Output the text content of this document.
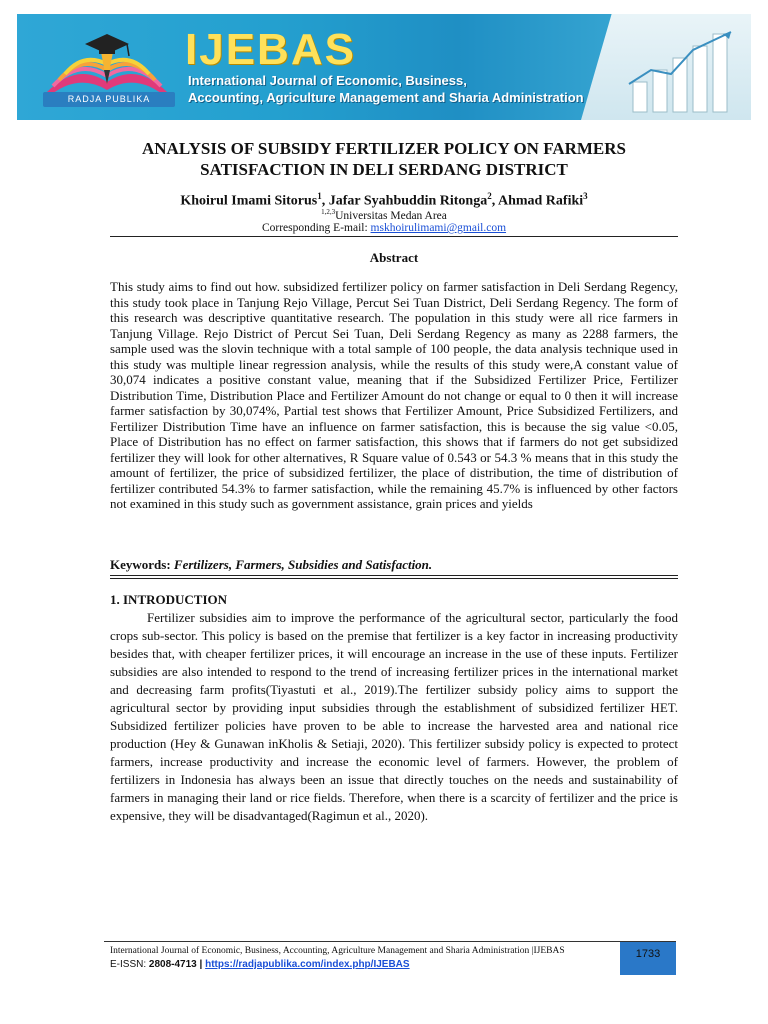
RADJA PUBLIKA
IJEBAS
International Journal of Economic, Business,
Accounting, Agriculture Management and Sharia Administration
ANALYSIS OF SUBSIDY FERTILIZER POLICY ON FARMERS
SATISFACTION IN DELI SERDANG DISTRICT
Khoirul Imami Sitorus$^1$, Jafar Syahbuddin Ritonga$^2$, Ahmad Rafiki$^3$
$^{1,2,3}$Universitas Medan Area
Corresponding E-mail: mskhoirulimami@gmail.com
Abstract
This study aims to find out how. subsidized fertilizer policy on farmer satisfaction in Deli Serdang Regency, this study took place in Tanjung Rejo Village, Percut Sei Tuan District, Deli Serdang Regency. The form of this research was descriptive quantitative research. The population in this study were all rice farmers in Tanjung Village. Rejo District of Percut Sei Tuan, Deli Serdang Regency as many as 2288 farmers, the sample used was the slovin technique with a total sample of 100 people, the data analysis technique used in this study was multiple linear regression analysis, while the results of this study were,A constant value of 30,074 indicates a positive constant value, meaning that if the Subsidized Fertilizer Price, Fertilizer Distribution Time, Distribution Place and Fertilizer Amount do not change or equal to 0 then it will increase farmer satisfaction by 30,074%, Partial test shows that Fertilizer Amount, Price Subsidized Fertilizers, and Fertilizer Distribution Time have an influence on farmer satisfaction, this is because the sig value <0.05, Place of Distribution has no effect on farmer satisfaction, this shows that if farmers do not get subsidized fertilizer they will look for other alternatives, R Square value of 0.543 or 54.3 % means that in this study the amount of fertilizer, the price of subsidized fertilizer, the place of distribution, the time of distribution of fertilizer contributed 54.3% to farmer satisfaction, while the remaining 45.7% is influenced by other factors not examined in this study such as government assistance, grain prices and yields
Keywords: Fertilizers, Farmers, Subsidies and Satisfaction.
1. INTRODUCTION
Fertilizer subsidies aim to improve the performance of the agricultural sector, particularly the food crops sub-sector. This policy is based on the premise that fertilizer is a key factor in increasing productivity besides that, with cheaper fertilizer prices, it will encourage an increase in the use of these inputs. Fertilizer subsidies are also intended to respond to the trend of increasing fertilizer prices in the international market and decreasing farm profits(Tiyastuti et al., 2019).The fertilizer subsidy policy aims to support the agricultural sector by providing input subsidies through the establishment of subsidized fertilizer HET. Subsidized fertilizer policies have proven to be able to increase the harvested area and national rice production (Hey & Gunawan inKholis & Setiaji, 2020). This fertilizer subsidy policy is expected to protect farmers, increase productivity and increase the economic level of farmers. However, the problem of fertilizers in Indonesia has always been an issue that directly touches on the needs and sustainability of farmers in managing their land or rice fields. Therefore, when there is a scarcity of fertilizer and the price is expensive, they will be disadvantaged(Ragimun et al., 2020).
International Journal of Economic, Business, Accounting, Agriculture Management and Sharia Administration |IJEBAS
E-ISSN: 2808-4713 | https://radjapublika.com/index.php/IJEBAS
1733
